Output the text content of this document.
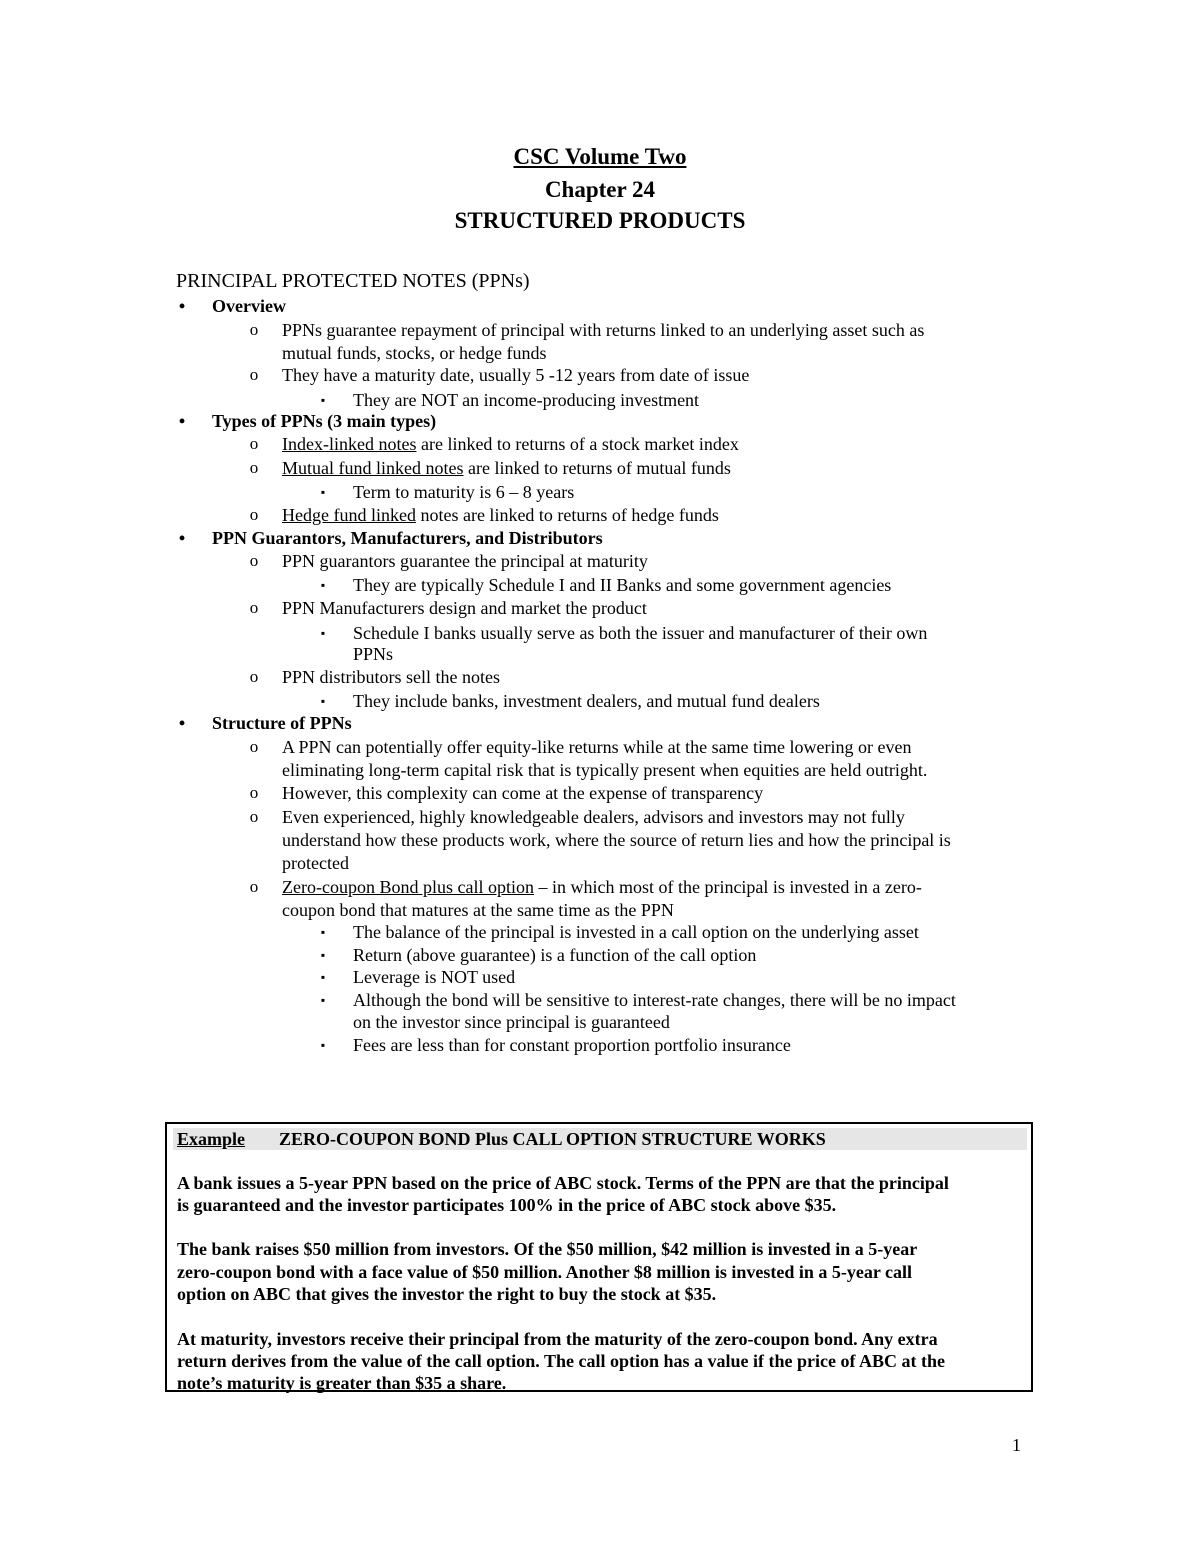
CSC Volume Two
Chapter 24
STRUCTURED PRODUCTS
PRINCIPAL PROTECTED NOTES (PPNs)
• Overview
o PPNs guarantee repayment of principal with returns linked to an underlying asset such as
mutual funds, stocks, or hedge funds
o They have a maturity date, usually 5 -12 years from date of issue
▪ They are NOT an income-producing investment
• Types of PPNs (3 main types)
o Index-linked notes are linked to returns of a stock market index
o Mutual fund linked notes are linked to returns of mutual funds
▪ Term to maturity is 6 – 8 years
o Hedge fund linked notes are linked to returns of hedge funds
• PPN Guarantors, Manufacturers, and Distributors
o PPN guarantors guarantee the principal at maturity
▪ They are typically Schedule I and II Banks and some government agencies
o PPN Manufacturers design and market the product
▪ Schedule I banks usually serve as both the issuer and manufacturer of their own
PPNs
o PPN distributors sell the notes
▪ They include banks, investment dealers, and mutual fund dealers
• Structure of PPNs
o A PPN can potentially offer equity-like returns while at the same time lowering or even
eliminating long-term capital risk that is typically present when equities are held outright.
o However, this complexity can come at the expense of transparency
o Even experienced, highly knowledgeable dealers, advisors and investors may not fully
understand how these products work, where the source of return lies and how the principal is
protected
o Zero-coupon Bond plus call option – in which most of the principal is invested in a zero-
coupon bond that matures at the same time as the PPN
▪ The balance of the principal is invested in a call option on the underlying asset
▪ Return (above guarantee) is a function of the call option
▪ Leverage is NOT used
▪ Although the bond will be sensitive to interest-rate changes, there will be no impact
on the investor since principal is guaranteed
▪ Fees are less than for constant proportion portfolio insurance
Example ZERO-COUPON BOND Plus CALL OPTION STRUCTURE WORKS
A bank issues a 5-year PPN based on the price of ABC stock. Terms of the PPN are that the principal
is guaranteed and the investor participates 100% in the price of ABC stock above $35.
The bank raises $50 million from investors. Of the $50 million, $42 million is invested in a 5-year
zero-coupon bond with a face value of $50 million. Another $8 million is invested in a 5-year call
option on ABC that gives the investor the right to buy the stock at $35.
At maturity, investors receive their principal from the maturity of the zero-coupon bond. Any extra
return derives from the value of the call option. The call option has a value if the price of ABC at the
note’s maturity is greater than $35 a share.
1
